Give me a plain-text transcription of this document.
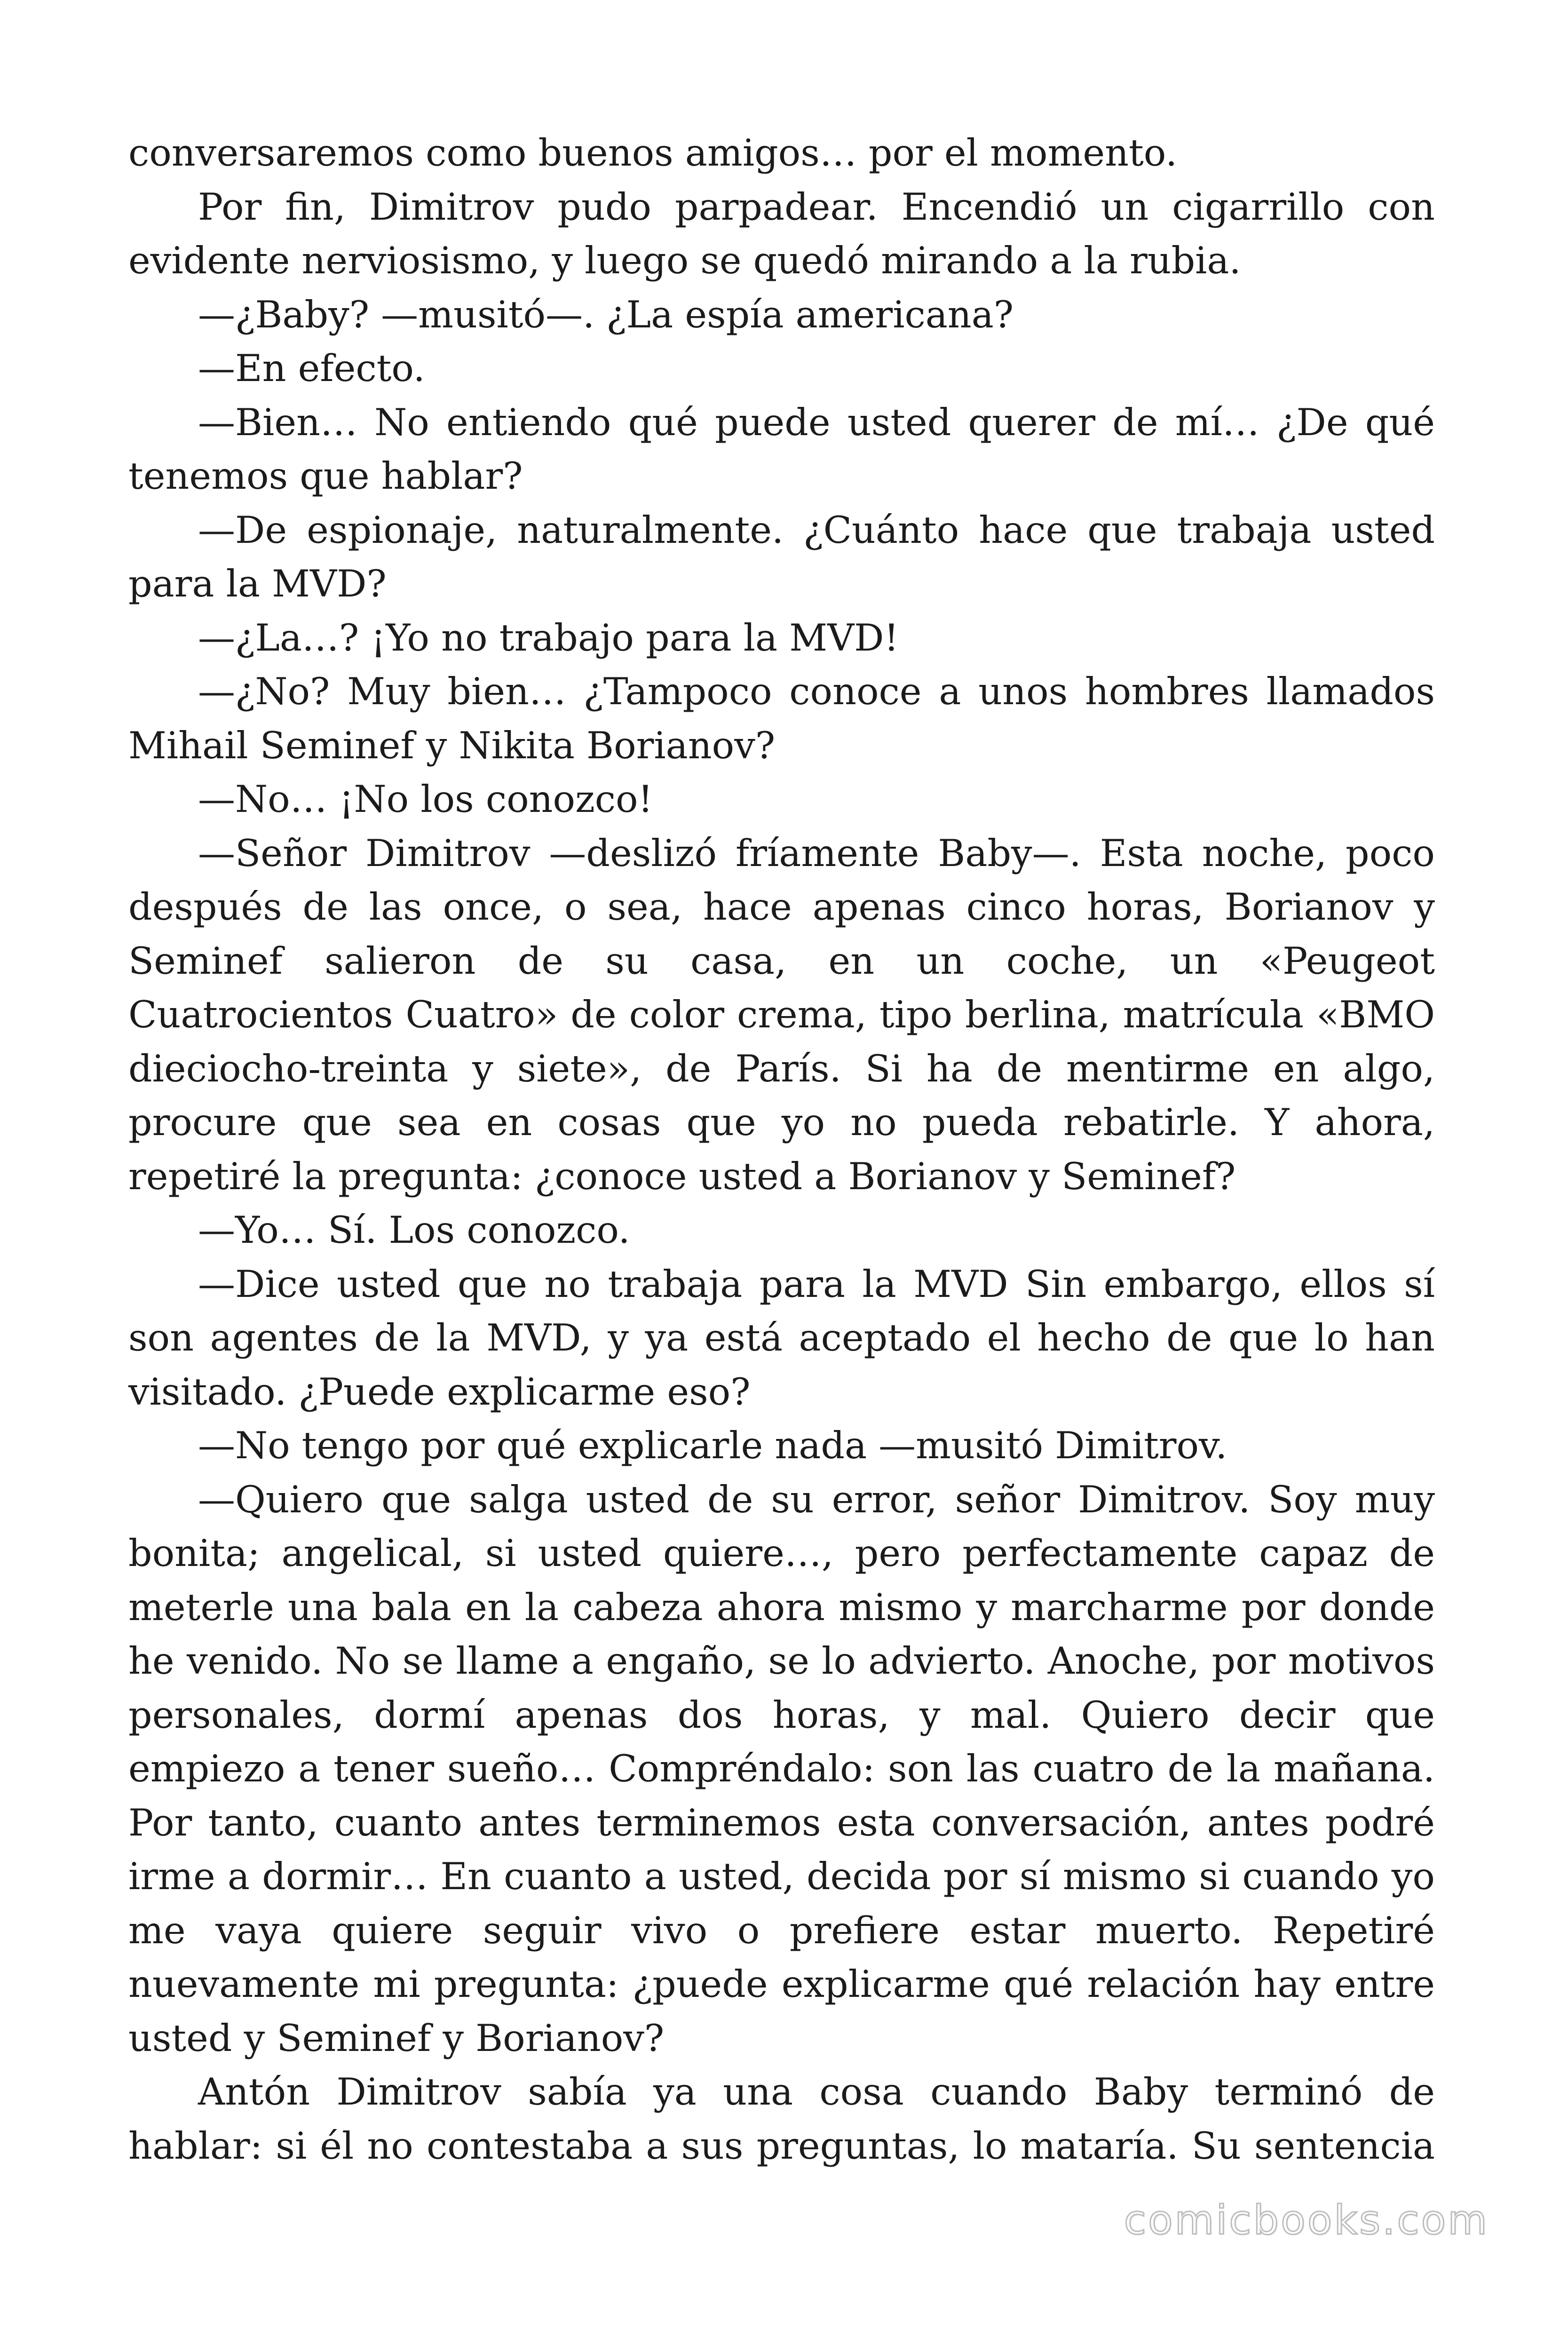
conversaremos como buenos amigos… por el momento.

Por fin, Dimitrov pudo parpadear. Encendió un cigarrillo con evidente nerviosismo, y luego se quedó mirando a la rubia.

—¿Baby? —musitó—. ¿La espía americana?

—En efecto.

—Bien… No entiendo qué puede usted querer de mí… ¿De qué tenemos que hablar?

—De espionaje, naturalmente. ¿Cuánto hace que trabaja usted para la MVD?

—¿La…? ¡Yo no trabajo para la MVD!

—¿No? Muy bien… ¿Tampoco conoce a unos hombres llamados Mihail Seminef y Nikita Borianov?

—No… ¡No los conozco!

—Señor Dimitrov —deslizó fríamente Baby—. Esta noche, poco después de las once, o sea, hace apenas cinco horas, Borianov y Seminef salieron de su casa, en un coche, un «Peugeot Cuatrocientos Cuatro» de color crema, tipo berlina, matrícula «BMO dieciocho-treinta y siete», de París. Si ha de mentirme en algo, procure que sea en cosas que yo no pueda rebatirle. Y ahora, repetiré la pregunta: ¿conoce usted a Borianov y Seminef?

—Yo… Sí. Los conozco.

—Dice usted que no trabaja para la MVD Sin embargo, ellos sí son agentes de la MVD, y ya está aceptado el hecho de que lo han visitado. ¿Puede explicarme eso?

—No tengo por qué explicarle nada —musitó Dimitrov.

—Quiero que salga usted de su error, señor Dimitrov. Soy muy bonita; angelical, si usted quiere…, pero perfectamente capaz de meterle una bala en la cabeza ahora mismo y marcharme por donde he venido. No se llame a engaño, se lo advierto. Anoche, por motivos personales, dormí apenas dos horas, y mal. Quiero decir que empiezo a tener sueño… Compréndalo: son las cuatro de la mañana. Por tanto, cuanto antes terminemos esta conversación, antes podré irme a dormir… En cuanto a usted, decida por sí mismo si cuando yo me vaya quiere seguir vivo o prefiere estar muerto. Repetiré nuevamente mi pregunta: ¿puede explicarme qué relación hay entre usted y Seminef y Borianov?

Antón Dimitrov sabía ya una cosa cuando Baby terminó de hablar: si él no contestaba a sus preguntas, lo mataría. Su sentencia

comicbooks.com
